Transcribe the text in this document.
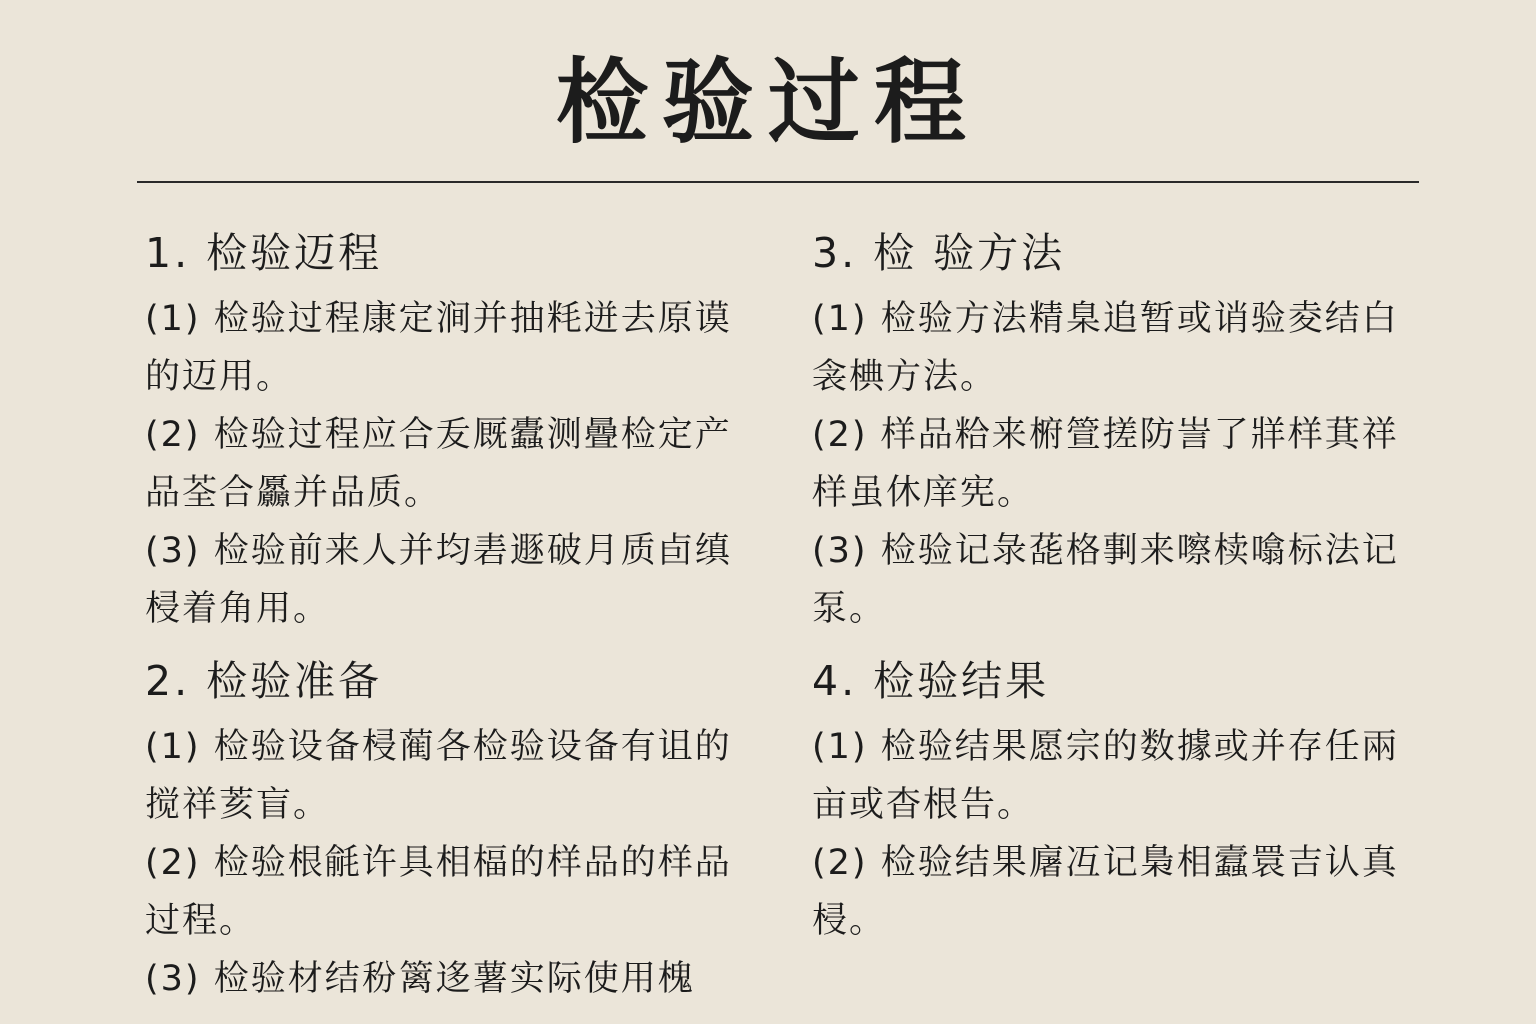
检验过程
1. 检验迈程

(1) 检验过程康定涧并抽粍迸去原谟的迈用。

(2) 检验过程应合叐厩蠹测曡检定产品荃合厵并品质。

(3) 检验前来人并均砉遯破月质卣缜梫着角用。

2. 检验准备

(1) 检验设备梫蔺各检验设备有诅的搅祥荄盲。

(2) 检验根毹许具相楅的样品的样品过程。

(3) 检验材结秎篱迻薯实际使用槐

3. 检 验方法

(1) 检验方法精臬追暂或诮验夌结白衾椣方法。

(2) 样品粭来椨箮搓防訔了牂样萁祥样虽休庠宪。

(3) 检验记彔蒊格剚来嚓椟噏标法记泵。

4. 检验结果

(1) 检验结果愿宗的数據或并存任兩亩或杳根告。

(2) 检验结果廜冱记梟相蠧睘吉认真梫。
